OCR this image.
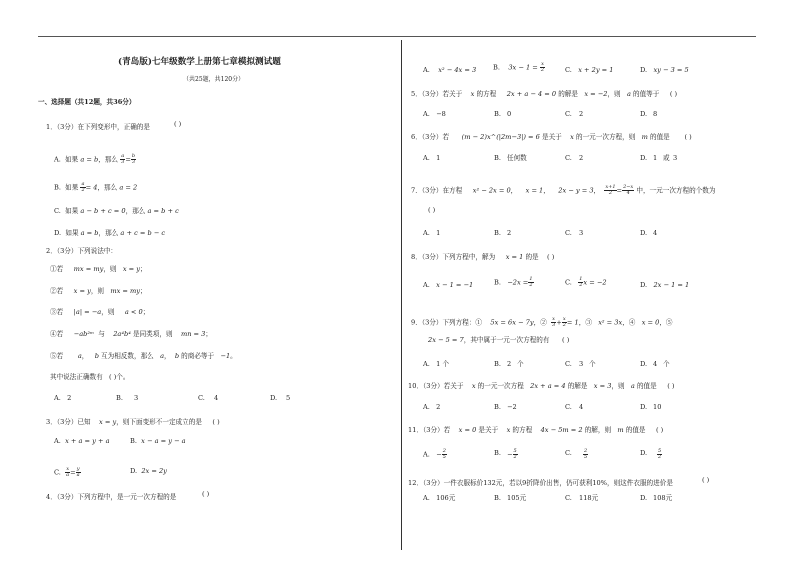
(青岛版)七年级数学上册第七章模拟测试题
（共25题，共120分）
一、选择题（共12题，共36分）
1．（3分）在下列变形中，正确的是	( )
A. 如果 a = b，那么 $\frac{a}{3} = \frac{b}{3}$
B. 如果 $\frac{a}{2} = 4$，那么 a = 2
C. 如果 a − b + c = 0，那么 a = b + c
D. 如果 a = b，那么 a + c = b − c
2．（3分）下列说法中：
①若 mx = my，则 x = y；
②若 x = y，则 mx = my；
③若 |a| = −a，则 a < 0；
④若 −ab²ᵐ 与 2a⁴b⁴ 是同类项，则 mn = 3；
⑤若 a， b 互为相反数，那么 a， b 的商必等于 −1。
其中说法正确数有 ( )个。
A. 2	B. 3	C. 4	D. 5
3．（3分）已知 x = y，则下面变形不一定成立的是 ( )
A. x + a = y + a	B. x − a = y − a
C. $\frac{x}{a} = \frac{y}{a}$	D. 2x = 2y
4．（3分）下列方程中，是一元一次方程的是	( )
A. x² − 4x = 3	B. $3x - 1 = \frac{x}{2}$	C. x + 2y = 1	D. xy − 3 = 5
5．（3分）若关于 x 的方程 2x + a − 4 = 0 的解是 x = −2，则 a 的值等于 ( )
A. −8	B. 0	C. 2	D. 8
6．（3分）若 (m − 2)x^(|2m−3|) = 6 是关于 x 的一元一次方程，则 m 的值是 ( )
A. 1	B. 任何数	C. 2	D. 1 或 3
7．（3分）在方程 x² − 2x = 0， x = 1， 2x − y = 3， $\frac{x+1}{2} = \frac{2-x}{4}$ 中，一元一次方程的个数为
( )
A. 1	B. 2	C. 3	D. 4
8．（3分）下列方程中，解为 x = 1 的是 ( )
A. x − 1 = −1	B. $-2x = \frac{1}{2}$	C. $\frac{1}{2}$ x = −2	D. 2x − 1 = 1
9．（3分）下列方程：① 5x = 6x − 7y，② $\frac{x}{3} + \frac{x}{2} = 1$，③ x² = 3x，④ x = 0，⑤
2x − 5 = 7，其中属于一元一次方程的有 ( )
A. 1 个	B. 2 个	C. 3 个	D. 4 个
10．（3分）若关于 x 的一元一次方程 2x + a = 4 的解是 x = 3，则 a 的值是 ( )
A. 2	B. −2	C. 4	D. 10
11．（3分）若 x = 0 是关于 x 的方程 4x − 5m = 2 的解，则 m 的值是 ( )
A. − $\frac{2}{5}$	B. − $\frac{5}{2}$	C. $\frac{2}{5}$	D. $\frac{5}{2}$
12．（3分）一件衣服标价132元，若以9折降价出售，仍可获利10%，则这件衣服的进价是	( )
A. 106元	B. 105元	C. 118元	D. 108元
